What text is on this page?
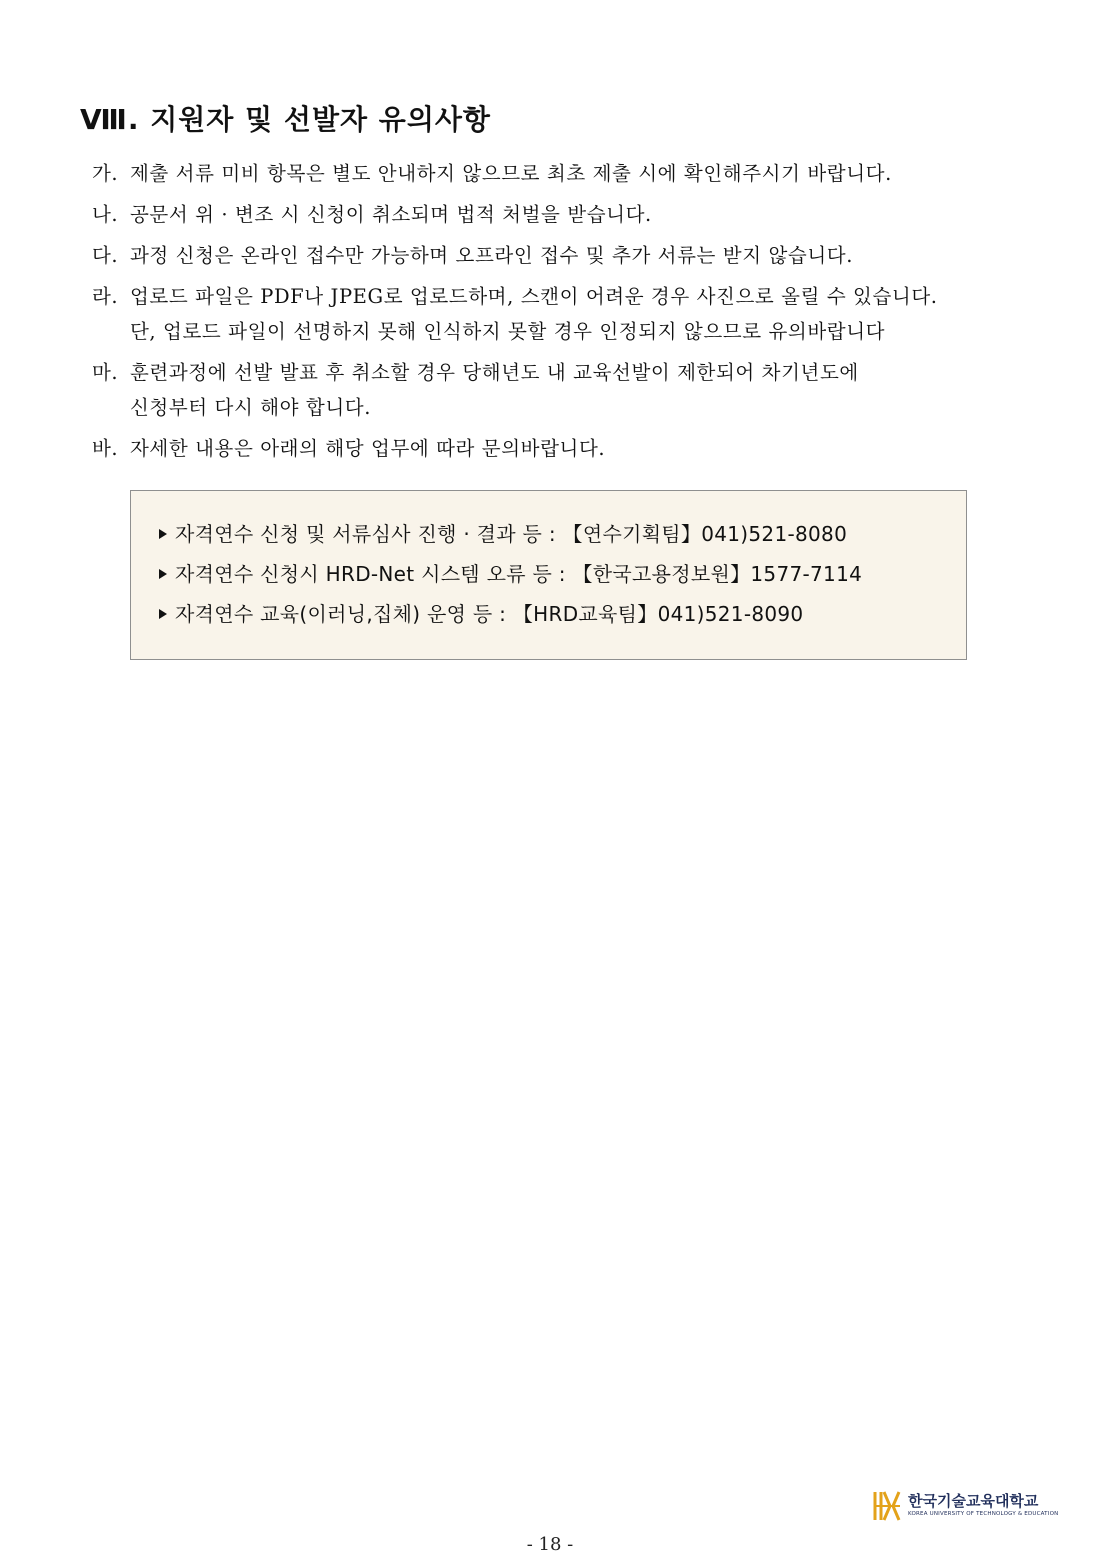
Ⅷ. 지원자 및 선발자 유의사항
가. 제출 서류 미비 항목은 별도 안내하지 않으므로 최초 제출 시에 확인해주시기 바랍니다.
나. 공문서 위 · 변조 시 신청이 취소되며 법적 처벌을 받습니다.
다. 과정 신청은 온라인 접수만 가능하며 오프라인 접수 및 추가 서류는 받지 않습니다.
라. 업로드 파일은 PDF나 JPEG로 업로드하며, 스캔이 어려운 경우 사진으로 올릴 수 있습니다.
단, 업로드 파일이 선명하지 못해 인식하지 못할 경우 인정되지 않으므로 유의바랍니다
마. 훈련과정에 선발 발표 후 취소할 경우 당해년도 내 교육선발이 제한되어 차기년도에
신청부터 다시 해야 합니다.
바. 자세한 내용은 아래의 해당 업무에 따라 문의바랍니다.
자격연수 신청 및 서류심사 진행 · 결과 등 : 【연수기획팀】041)521-8080
자격연수 신청시 HRD-Net 시스템 오류 등 : 【한국고용정보원】1577-7114
자격연수 교육(이러닝,집체) 운영 등 : 【HRD교육팀】041)521-8090
- 18 -
한국기술교육대학교
KOREA UNIVERSITY OF TECHNOLOGY & EDUCATION
